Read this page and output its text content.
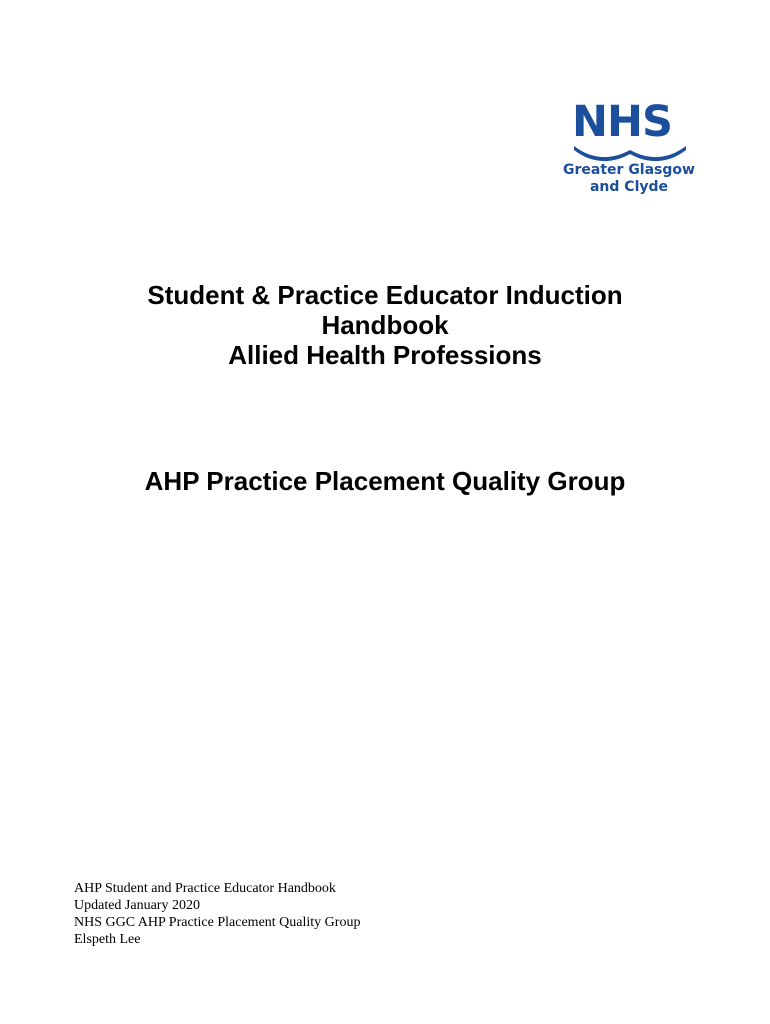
NHS
Greater Glasgow
and Clyde
Student & Practice Educator Induction
Handbook
Allied Health Professions
AHP Practice Placement Quality Group
AHP Student and Practice Educator Handbook
Updated January 2020
NHS GGC AHP Practice Placement Quality Group
Elspeth Lee
